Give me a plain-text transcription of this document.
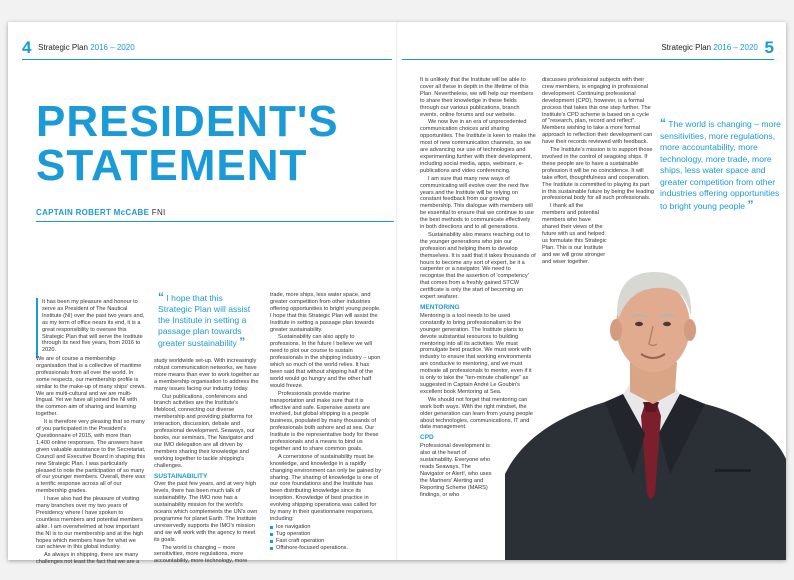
4 Strategic Plan 2016 – 2020	Strategic Plan 2016 – 2020 5
PRESIDENT'S
STATEMENT
CAPTAIN ROBERT McCABE FNI

It has been my pleasure and honour to serve as President of The Nautical Institute (NI) over the past two years and, as my term of office nears its end, it is a great responsibility to oversee this Strategic Plan that will serve the Institute through its next five years, from 2016 to 2020.

We are of course a membership organisation that is a collective of maritime professionals from all over the world. In some respects, our membership profile is similar to the make-up of many ships' crews. We are multi-cultural and we are multi-lingual. Yet we have all joined the NI with the common aim of sharing and learning together.

It is therefore very pleasing that so many of you participated in the President's Questionnaire of 2015, with more than 1,400 online responses. The answers have given valuable assistance to the Secretariat, Council and Executive Board in shaping this new Strategic Plan. I was particularly pleased to note the participation of so many of our younger members. Overall, there was a terrific response across all of our membership grades.

I have also had the pleasure of visiting many branches over my two years of Presidency where I have spoken to countless members and potential members alike. I am overwhelmed at how important the NI is to our membership and at the high hopes which members have for what we can achieve in this global industry.

As always in shipping, there are many challenges not least the fact that we are a

“ I hope that this Strategic Plan will assist the Institute in setting a passage plan towards greater sustainability ”

study worldwide set-up. With increasingly robust communication networks, we have more means than ever to work together as a membership organisation to address the many issues facing our industry today.

Our publications, conferences and branch activities are the Institute's lifeblood, connecting our diverse membership and providing platforms for interaction, discussion, debate and professional development. Seaways, our books, our seminars, The Navigator and our IMO delegation are all driven by members sharing their knowledge and working together to tackle shipping's challenges.

SUSTAINABILITY

Over the past few years, and at very high levels, there has been much talk of sustainability. The IMO now has a sustainability mission for the world's oceans which complements the UN's own programme for planet Earth. The Institute unreservedly supports the IMO's mission and we will work with the agency to meet its goals.

The world is changing – more sensitivities, more regulations, more accountability, more technology, more

trade, more ships, less water space, and greater competition from other industries offering opportunities to bright young people. I hope that this Strategic Plan will assist the Institute in setting a passage plan towards greater sustainability.

Sustainability can also apply to professions. In the future I believe we will need to plot our course to sustain professionals in the shipping industry – upon which so much of the world relies. It has been said that without shipping half of the world would go hungry and the other half would freeze.

Professionals provide marine transportation and make sure that it is effective and safe. Expensive assets are involved, but global shipping is a people business, populated by many thousands of professionals both ashore and at sea. Our Institute is the representative body for these professionals and a means to bind us together and to share common goals.

A cornerstone of sustainability must be knowledge, and knowledge in a rapidly changing environment can only be gained by sharing. The sharing of knowledge is one of our core foundations and the Institute has been distributing knowledge since its inception. Knowledge of best practice in evolving shipping operations was called for by many in their questionnaire responses, including:

Ice navigation
Tug operation
Fast craft operation
Offshore-focused operations.

It is unlikely that the Institute will be able to cover all these in depth in the lifetime of this Plan. Nevertheless, we will help our members to share their knowledge in these fields through our various publications, branch events, online forums and our website.

We now live in an era of unprecedented communication choices and sharing opportunities. The Institute is keen to make the most of new communication channels, so we are advancing our use of technologies and experimenting further with their development, including social media, apps, webinars, e-publications and video conferencing.

I am sure that many new ways of communicating will evolve over the next five years and the Institute will be relying on constant feedback from our growing membership. This dialogue with members will be essential to ensure that we continue to use the best methods to communicate effectively in both directions and to all generations.

Sustainability also means reaching out to the younger generations who join our profession and helping them to develop themselves. It is said that it takes thousands of hours to become any sort of expert, be it a carpenter or a navigator. We need to recognise that the assertion of 'competency' that comes from a freshly gained STCW certificate is only the start of becoming an expert seafarer.

MENTORING

Mentoring is a tool needs to be used constantly to bring professionalism to the younger generation. The Institute plans to devote substantial resources to building mentoring into all its activities. We must promulgate best practice. We must work with industry to ensure that working environments are conducive to mentoring, and we must motivate all professionals to mentor, even if it is only to take the "ten-minute challenge" as suggested in Captain André Le Goubin's excellent book Mentoring at Sea.

We should not forget that mentoring can work both ways. With the right mindset, the older generation can learn from young people about technologies, communications, IT and data management.

CPD

Professional development is also at the heart of sustainability. Everyone who reads Seaways, The Navigator or Alert!, who uses the Mariners' Alerting and Reporting Scheme (MARS) findings, or who

discusses professional subjects with their crew members, is engaging in professional development. Continuing professional development (CPD), however, is a formal process that takes this one step further. The Institute's CPD scheme is based on a cycle of "research, plan, record and reflect". Members wishing to take a more formal approach to reflection their development can have their records reviewed with feedback.

The Institute's mission is to support those involved in the control of seagoing ships. If these people are to have a sustainable profession it will be no coincidence. It will take effort, thoughtfulness and cooperation. The Institute is committed to playing its part in this sustainable future by being the leading professional body for all such professionals.

I thank all the members and potential members who have shared their views of the future with us and helped us formulate this Strategic Plan. This is our Institute and we will grow stronger and wiser together.

“ The world is changing – more sensitivities, more regulations, more accountability, more technology, more trade, more ships, less water space and greater competition from other industries offering opportunities to bright young people ”
